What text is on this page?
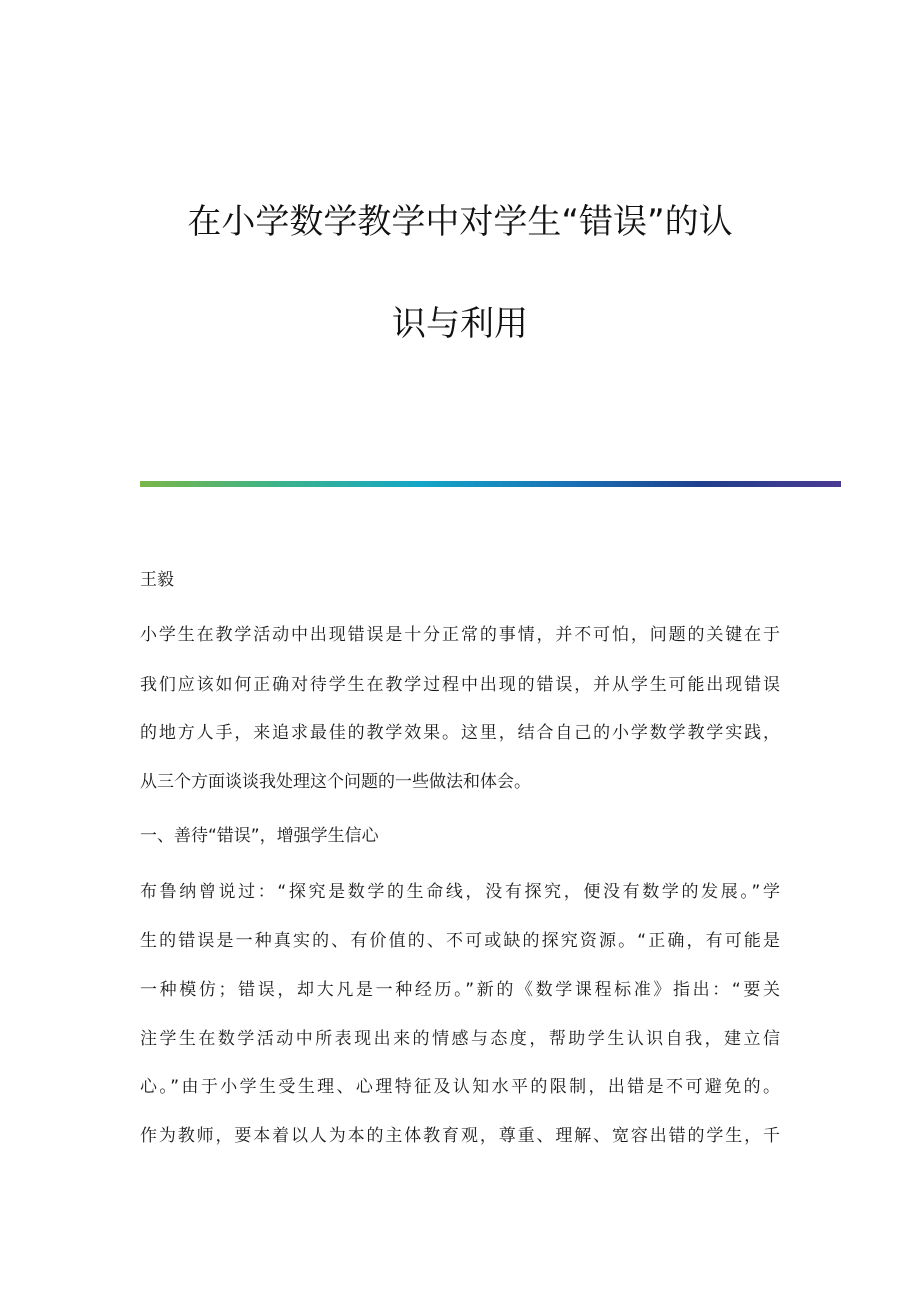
在小学数学教学中对学生“错误”的认
识与利用

王毅

小学生在教学活动中出现错误是十分正常的事情，并不可怕，问题的关键在于

我们应该如何正确对待学生在教学过程中出现的错误，并从学生可能出现错误

的地方人手，来追求最佳的教学效果。这里，结合自己的小学数学教学实践，

从三个方面谈谈我处理这个问题的一些做法和体会。

一、善待“错误”，增强学生信心

布鲁纳曾说过：“探究是数学的生命线，没有探究，便没有数学的发展。”学

生的错误是一种真实的、有价值的、不可或缺的探究资源。“正确，有可能是

一种模仿；错误，却大凡是一种经历。”新的《数学课程标准》指出：“要关

注学生在数学活动中所表现出来的情感与态度，帮助学生认识自我，建立信

心。”由于小学生受生理、心理特征及认知水平的限制，出错是不可避免的。

作为教师，要本着以人为本的主体教育观，尊重、理解、宽容出错的学生，千
